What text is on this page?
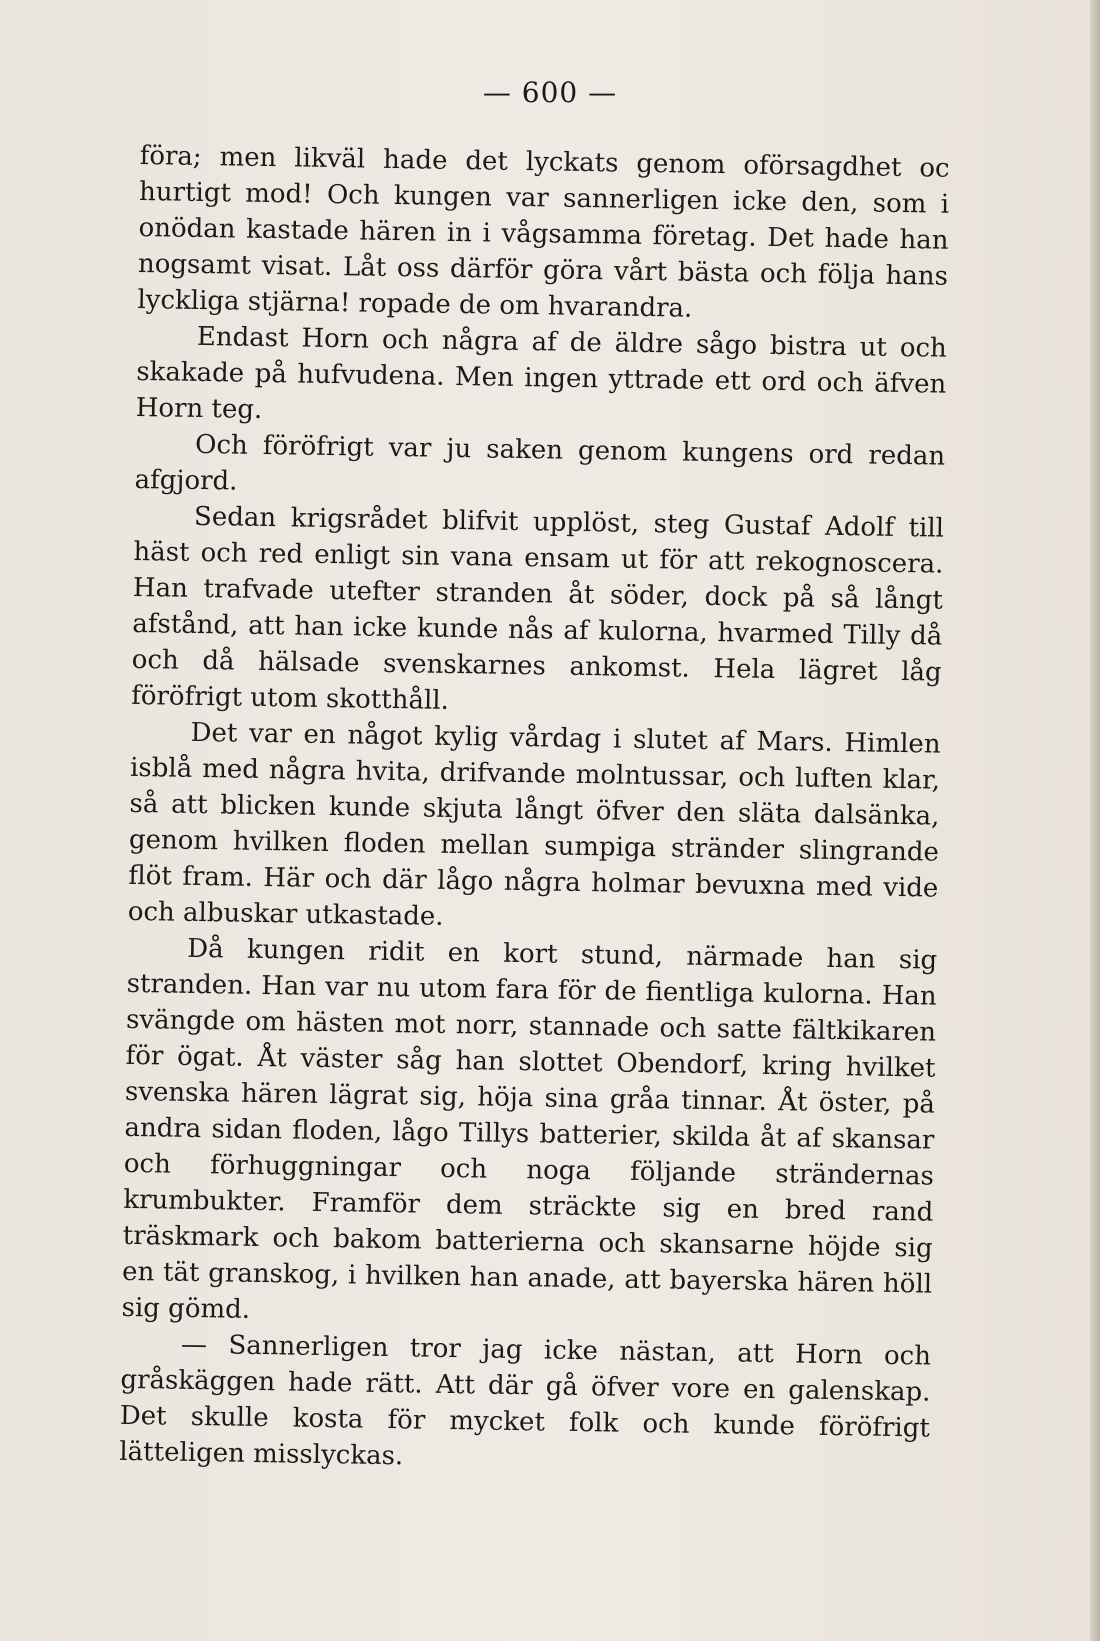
— 600 —

föra; men likväl hade det lyckats genom oförsagdhet oc hurtigt mod! Och kungen var sannerligen icke den, som i onödan kastade hären in i vågsamma företag. Det hade han nogsamt visat. Låt oss därför göra vårt bästa och följa hans lyckliga stjärna! ropade de om hvarandra.

Endast Horn och några af de äldre sågo bistra ut och skakade på hufvudena. Men ingen yttrade ett ord och äfven Horn teg.

Och föröfrigt var ju saken genom kungens ord redan afgjord.

Sedan krigsrådet blifvit upplöst, steg Gustaf Adolf till häst och red enligt sin vana ensam ut för att rekognoscera. Han trafvade utefter stranden åt söder, dock på så långt afstånd, att han icke kunde nås af kulorna, hvarmed Tilly då och då hälsade svenskarnes ankomst. Hela lägret låg föröfrigt utom skotthåll.

Det var en något kylig vårdag i slutet af Mars. Himlen isblå med några hvita, drifvande molntussar, och luften klar, så att blicken kunde skjuta långt öfver den släta dalsänka, genom hvilken floden mellan sumpiga stränder slingrande flöt fram. Här och där lågo några holmar bevuxna med vide och albuskar utkastade.

Då kungen ridit en kort stund, närmade han sig stranden. Han var nu utom fara för de fientliga kulorna. Han svängde om hästen mot norr, stannade och satte fältkikaren för ögat. Åt väster såg han slottet Obendorf, kring hvilket svenska hären lägrat sig, höja sina gråa tinnar. Åt öster, på andra sidan floden, lågo Tillys batterier, skilda åt af skansar och förhuggningar och noga följande strändernas krumbukter. Framför dem sträckte sig en bred rand träskmark och bakom batterierna och skansarne höjde sig en tät granskog, i hvilken han anade, att bayerska hären höll sig gömd.

— Sannerligen tror jag icke nästan, att Horn och gråskäggen hade rätt. Att där gå öfver vore en galenskap. Det skulle kosta för mycket folk och kunde föröfrigt lätteligen misslyckas.
